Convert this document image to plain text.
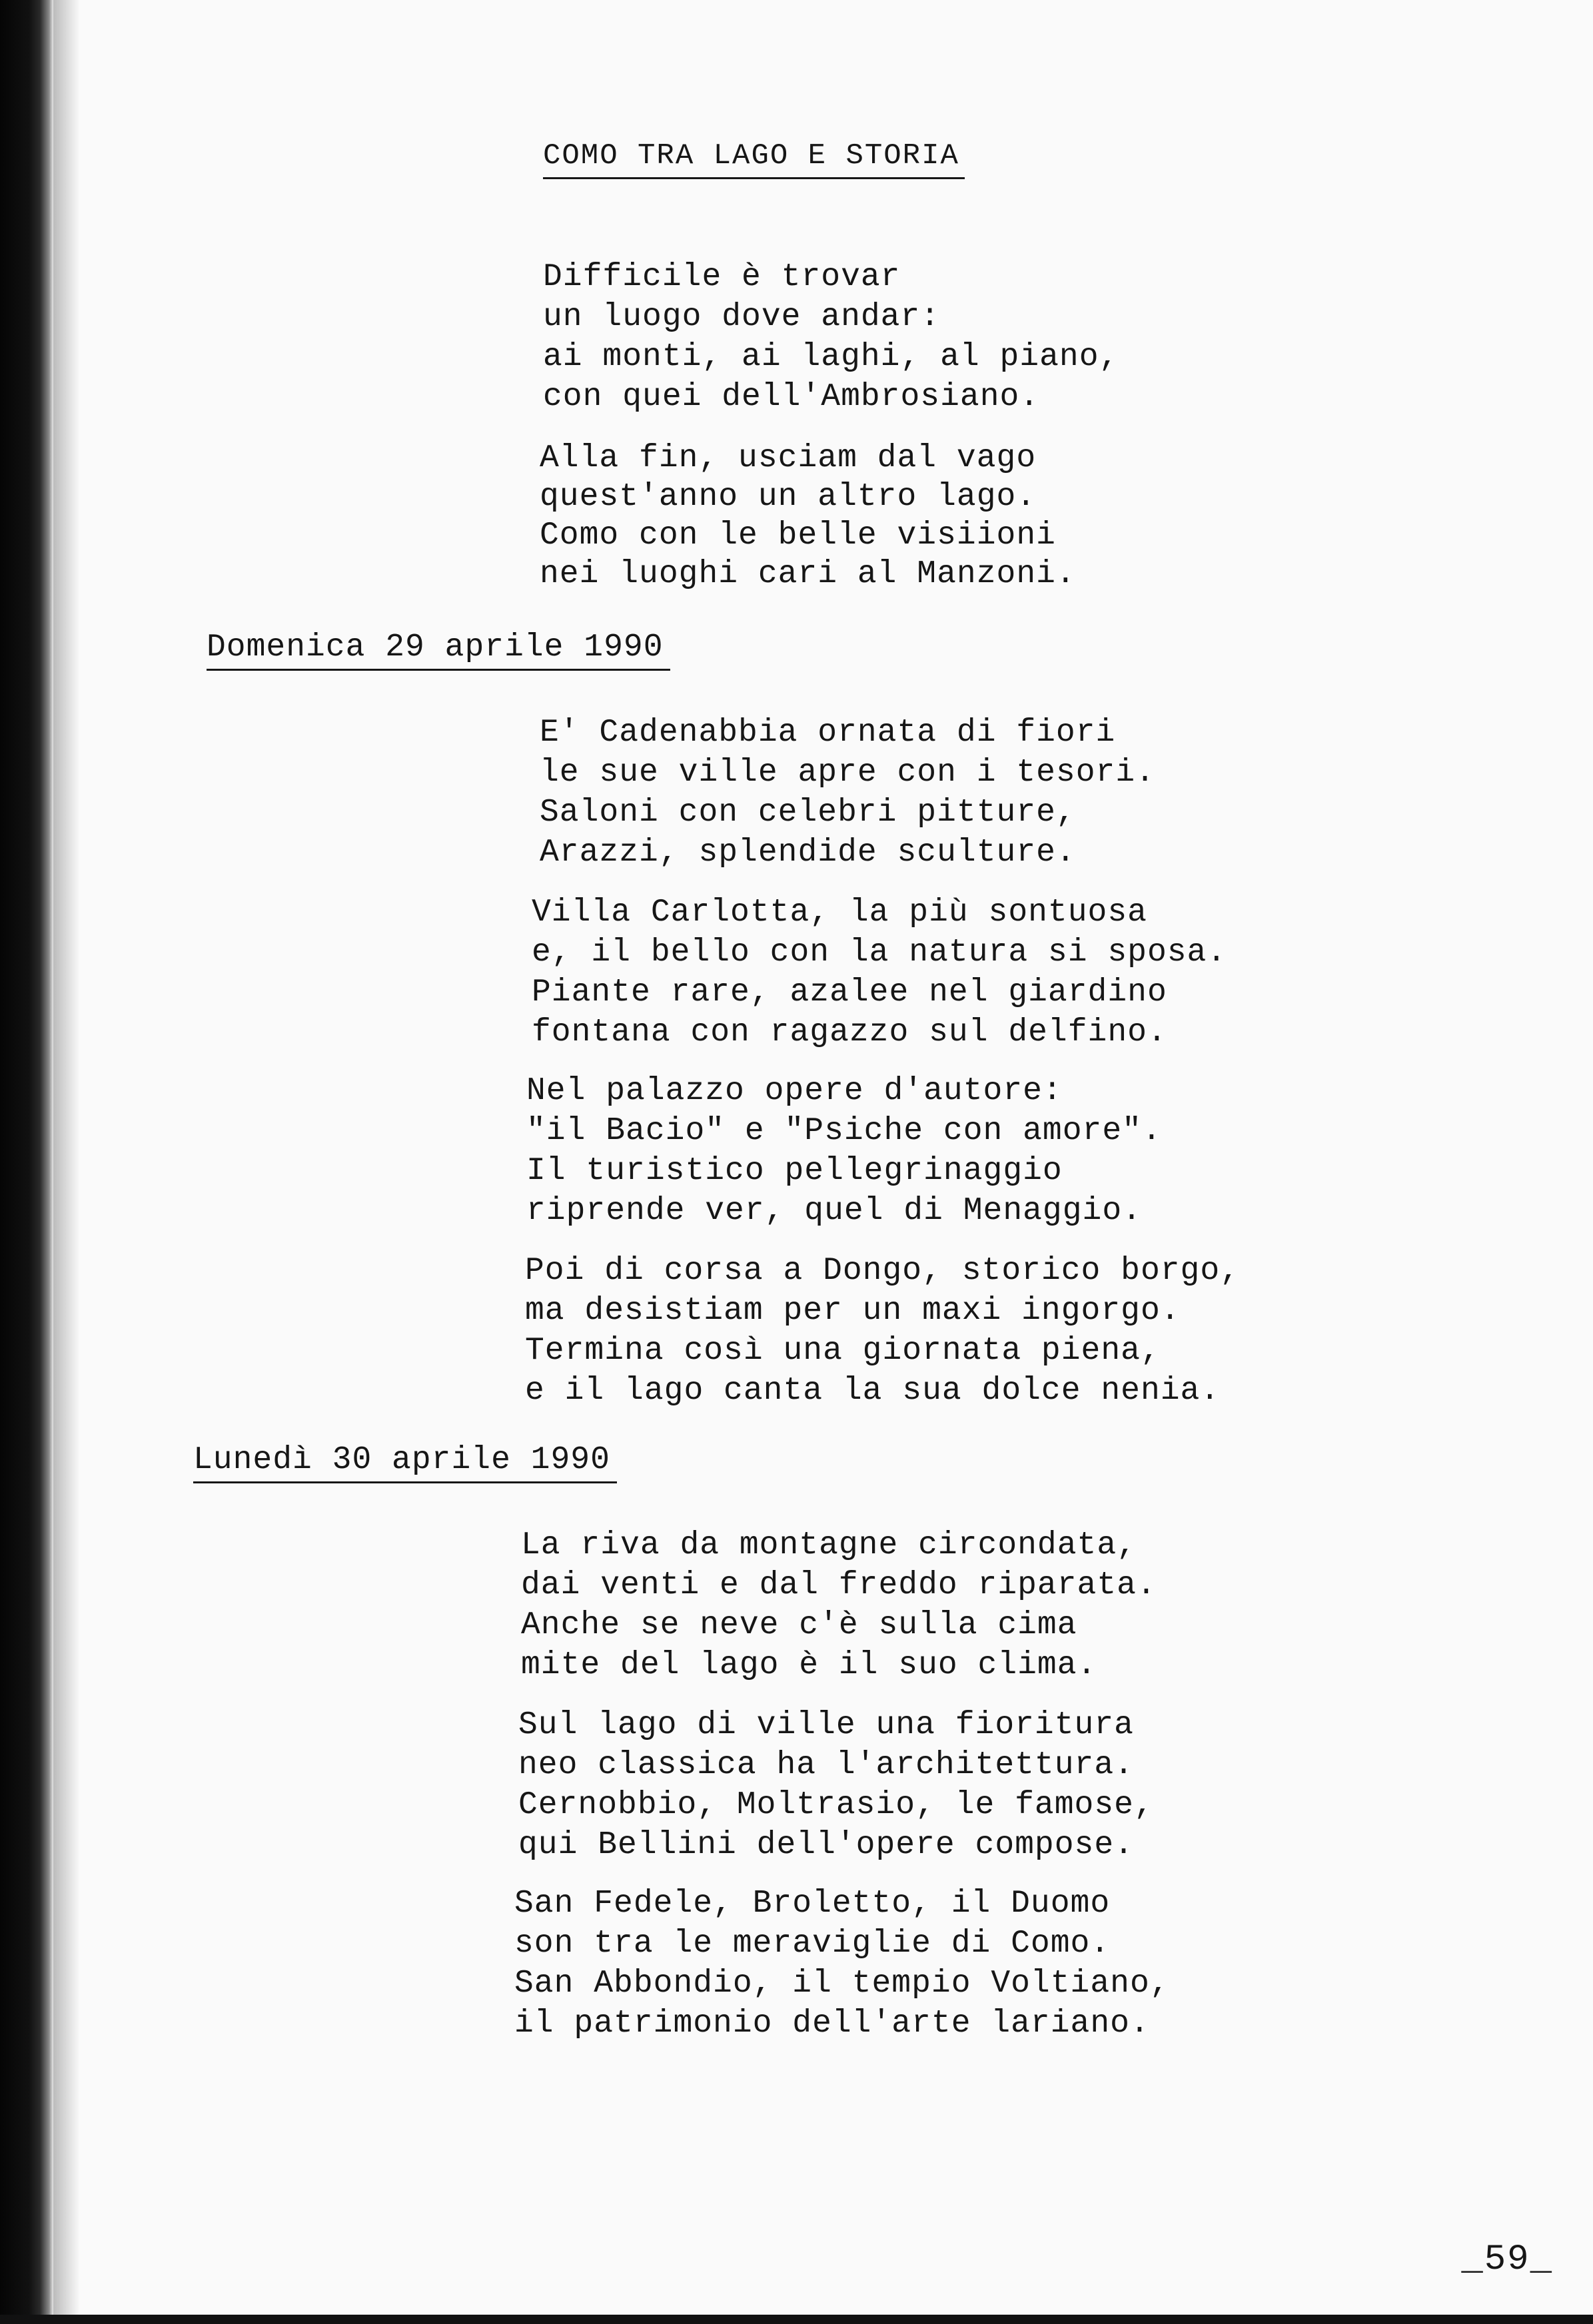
COMO TRA LAGO E STORIA

Difficile è trovar

un luogo dove andar:

ai monti, ai laghi, al piano,

con quei dell'Ambrosiano.

Alla fin, usciam dal vago

quest'anno un altro lago.

Como con le belle visiioni

nei luoghi cari al Manzoni.

Domenica 29 aprile 1990

E' Cadenabbia ornata di fiori

le sue ville apre con i tesori.

Saloni con celebri pitture,

Arazzi, splendide sculture.

Villa Carlotta, la più sontuosa

e, il bello con la natura si sposa.

Piante rare, azalee nel giardino

fontana con ragazzo sul delfino.

Nel palazzo opere d'autore:

"il Bacio" e "Psiche con amore".

Il turistico pellegrinaggio

riprende ver, quel di Menaggio.

Poi di corsa a Dongo, storico borgo,

ma desistiam per un maxi ingorgo.

Termina così una giornata piena,

e il lago canta la sua dolce nenia.

Lunedì 30 aprile 1990

La riva da montagne circondata,

dai venti e dal freddo riparata.

Anche se neve c'è sulla cima

mite del lago è il suo clima.

Sul lago di ville una fioritura

neo classica ha l'architettura.

Cernobbio, Moltrasio, le famose,

qui Bellini dell'opere compose.

San Fedele, Broletto, il Duomo

son tra le meraviglie di Como.

San Abbondio, il tempio Voltiano,

il patrimonio dell'arte lariano.

_59_
